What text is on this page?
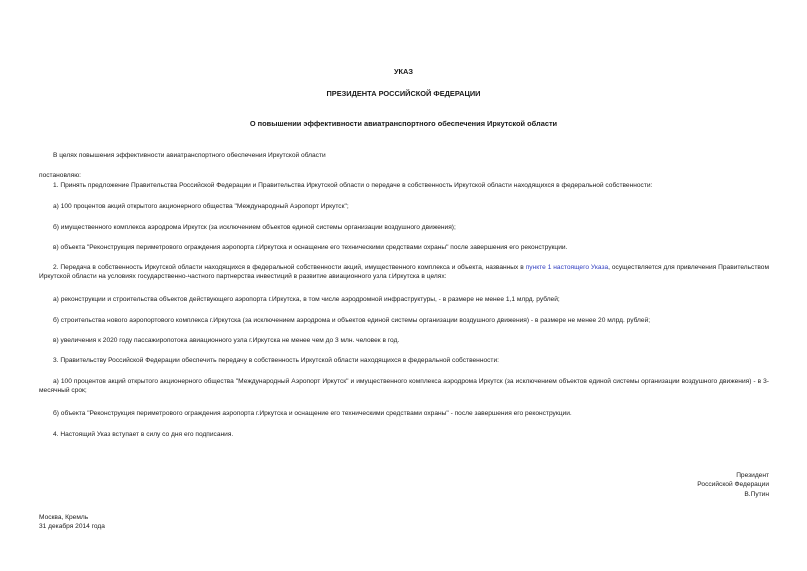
УКАЗ
ПРЕЗИДЕНТА РОССИЙСКОЙ ФЕДЕРАЦИИ
О повышении эффективности авиатранспортного обеспечения Иркутской области
В целях повышения эффективности авиатранспортного обеспечения Иркутской области
постановляю:
1. Принять предложение Правительства Российской Федерации и Правительства Иркутской области о передаче в собственность Иркутской области находящихся в федеральной собственности:
а) 100 процентов акций открытого акционерного общества "Международный Аэропорт Иркутск";
б) имущественного комплекса аэродрома Иркутск (за исключением объектов единой системы организации воздушного движения);
в) объекта "Реконструкция периметрового ограждения аэропорта г.Иркутска и оснащение его техническими средствами охраны" после завершения его реконструкции.
2. Передача в собственность Иркутской области находящихся в федеральной собственности акций, имущественного комплекса и объекта, названных в пункте 1 настоящего Указа, осуществляется для привлечения Правительством Иркутской области на условиях государственно-частного партнерства инвестиций в развитие авиационного узла г.Иркутска в целях:
а) реконструкции и строительства объектов действующего аэропорта г.Иркутска, в том числе аэродромной инфраструктуры, - в размере не менее 1,1 млрд. рублей;
б) строительства нового аэропортового комплекса г.Иркутска (за исключением аэродрома и объектов единой системы организации воздушного движения) - в размере не менее 20 млрд. рублей;
в) увеличения к 2020 году пассажиропотока авиационного узла г.Иркутска не менее чем до 3 млн. человек в год.
3. Правительству Российской Федерации обеспечить передачу в собственность Иркутской области находящихся в федеральной собственности:
а) 100 процентов акций открытого акционерного общества "Международный Аэропорт Иркутск" и имущественного комплекса аэродрома Иркутск (за исключением объектов единой системы организации воздушного движения) - в 3-месячный срок;
б) объекта "Реконструкция периметрового ограждения аэропорта г.Иркутска и оснащение его техническими средствами охраны" - после завершения его реконструкции.
4. Настоящий Указ вступает в силу со дня его подписания.
Президент
Российской Федерации
В.Путин
Москва, Кремль
31 декабря 2014 года
